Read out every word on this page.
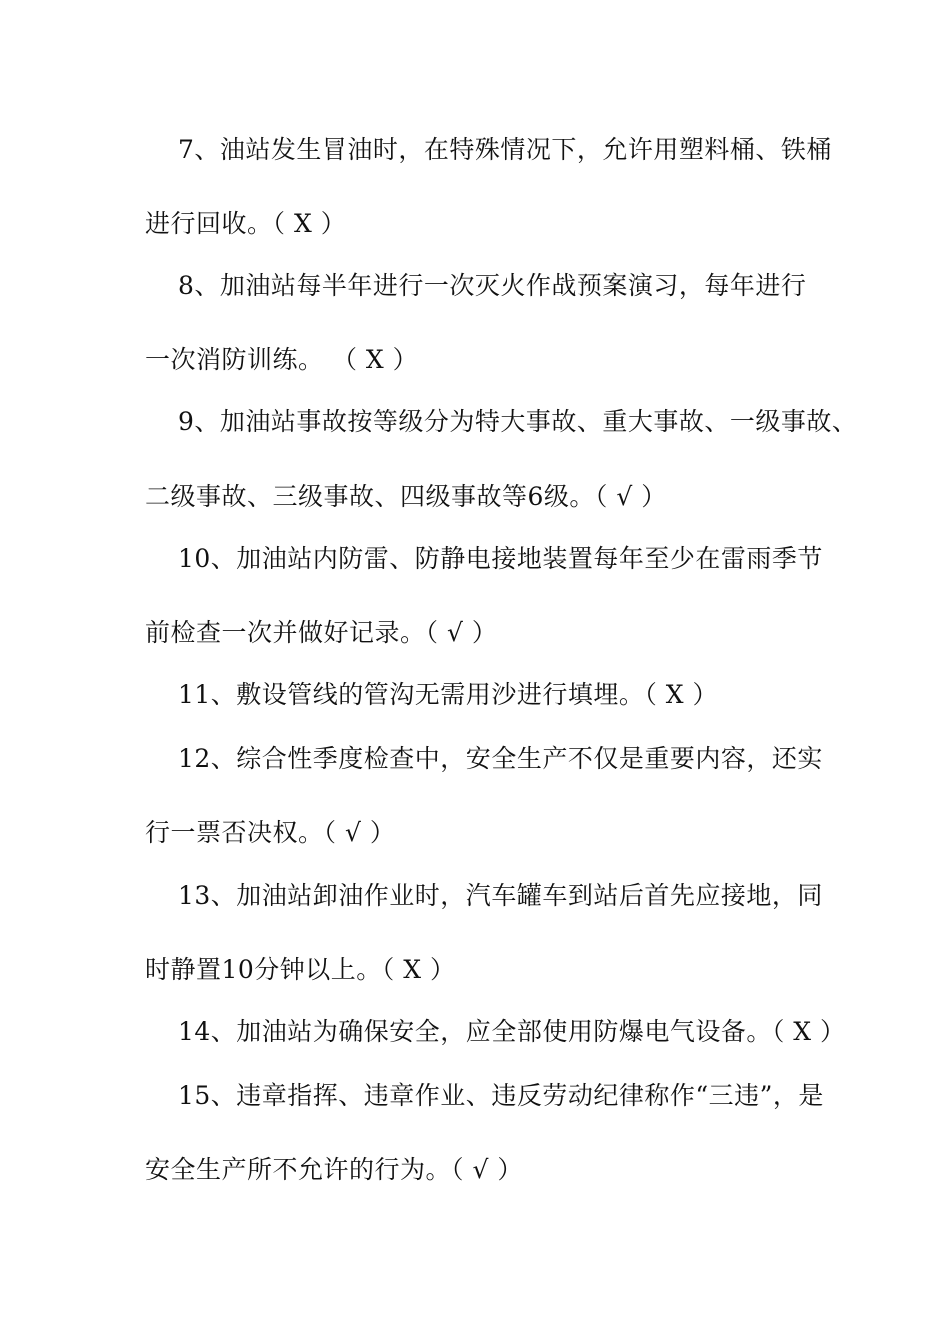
7、油站发生冒油时，在特殊情况下，允许用塑料桶、铁桶
进行回收。（ X ）
8、加油站每半年进行一次灭火作战预案演习，每年进行
一次消防训练。 （ X ）
9、加油站事故按等级分为特大事故、重大事故、一级事故、
二级事故、三级事故、四级事故等6级。（ √ ）
10、加油站内防雷、防静电接地装置每年至少在雷雨季节
前检查一次并做好记录。（ √ ）
11、敷设管线的管沟无需用沙进行填埋。（ X ）
12、综合性季度检查中，安全生产不仅是重要内容，还实
行一票否决权。（ √ ）
13、加油站卸油作业时，汽车罐车到站后首先应接地，同
时静置10分钟以上。（ X ）
14、加油站为确保安全，应全部使用防爆电气设备。（ X ）
15、违章指挥、违章作业、违反劳动纪律称作“三违”，是
安全生产所不允许的行为。（ √ ）
